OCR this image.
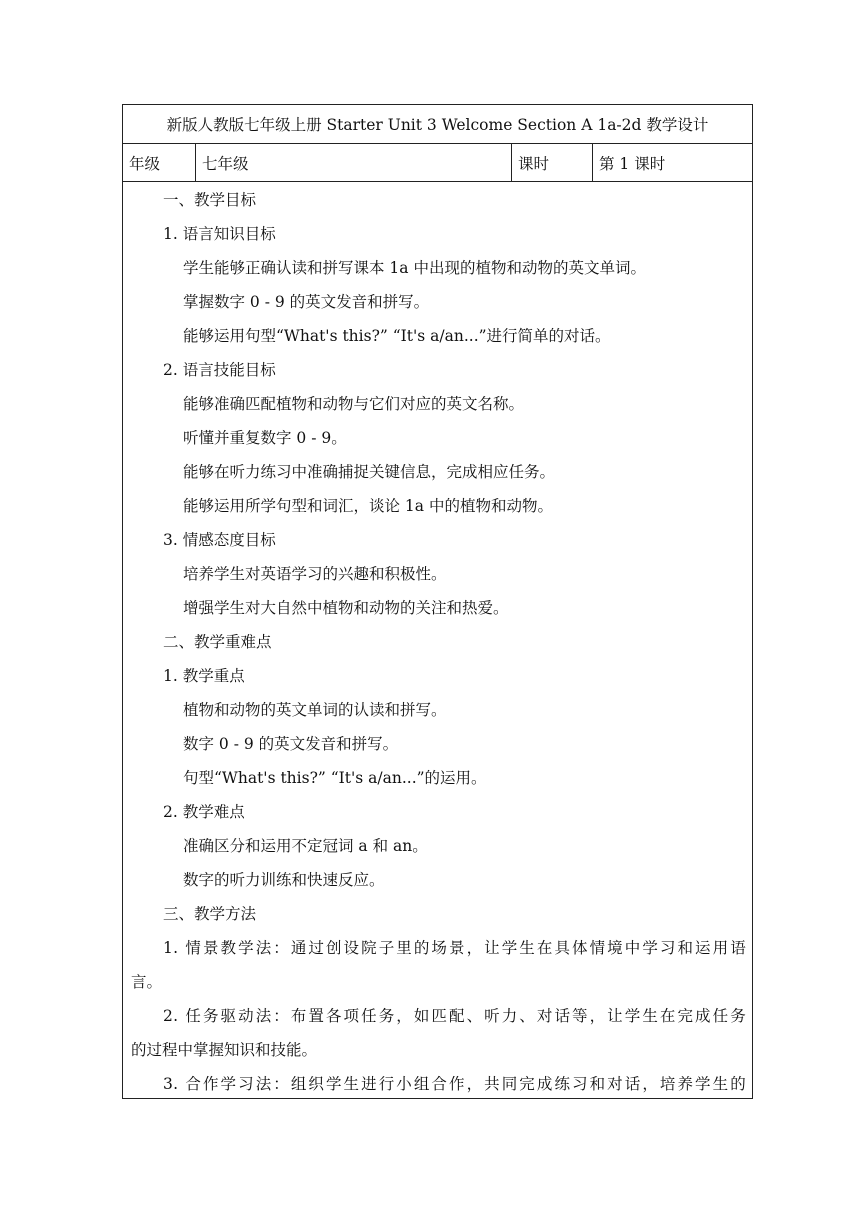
新版人教版七年级上册 Starter Unit 3 Welcome Section A 1a-2d 教学设计
年级	七年级	课时	第 1 课时
一、教学目标
1. 语言知识目标
学生能够正确认读和拼写课本 1a 中出现的植物和动物的英文单词。
掌握数字 0 - 9 的英文发音和拼写。
能够运用句型“What's this?” “It's a/an...”进行简单的对话。
2. 语言技能目标
能够准确匹配植物和动物与它们对应的英文名称。
听懂并重复数字 0 - 9。
能够在听力练习中准确捕捉关键信息，完成相应任务。
能够运用所学句型和词汇，谈论 1a 中的植物和动物。
3. 情感态度目标
培养学生对英语学习的兴趣和积极性。
增强学生对大自然中植物和动物的关注和热爱。
二、教学重难点
1. 教学重点
植物和动物的英文单词的认读和拼写。
数字 0 - 9 的英文发音和拼写。
句型“What's this?” “It's a/an...”的运用。
2. 教学难点
准确区分和运用不定冠词 a 和 an。
数字的听力训练和快速反应。
三、教学方法
1. 情景教学法：通过创设院子里的场景，让学生在具体情境中学习和运用语
言。
2. 任务驱动法：布置各项任务，如匹配、听力、对话等，让学生在完成任务
的过程中掌握知识和技能。
3. 合作学习法：组织学生进行小组合作，共同完成练习和对话，培养学生的
